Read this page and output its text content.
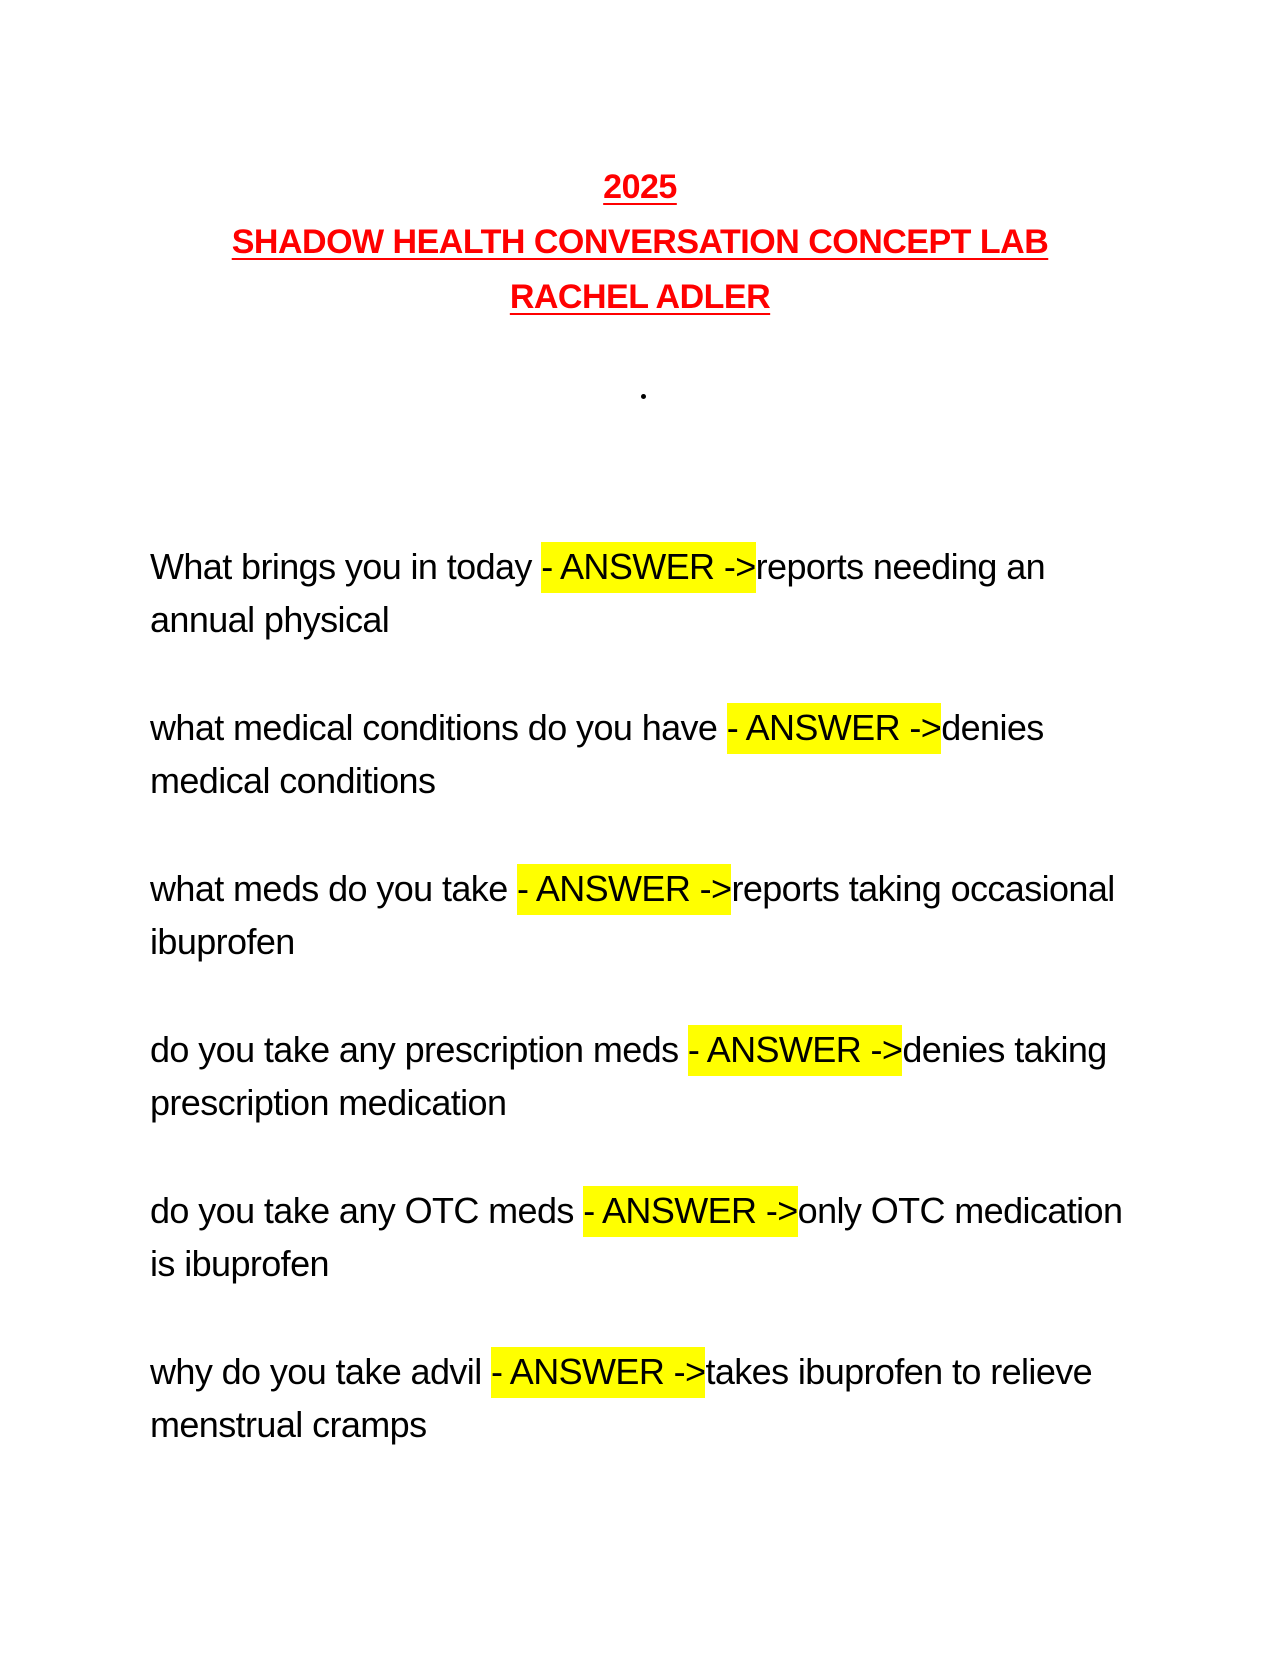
2025
SHADOW HEALTH CONVERSATION CONCEPT LAB
RACHEL ADLER

What brings you in today - ANSWER ->reports needing an annual physical

what medical conditions do you have - ANSWER ->denies medical conditions

what meds do you take - ANSWER ->reports taking occasional ibuprofen

do you take any prescription meds - ANSWER ->denies taking prescription medication

do you take any OTC meds - ANSWER ->only OTC medication is ibuprofen

why do you take advil - ANSWER ->takes ibuprofen to relieve menstrual cramps
